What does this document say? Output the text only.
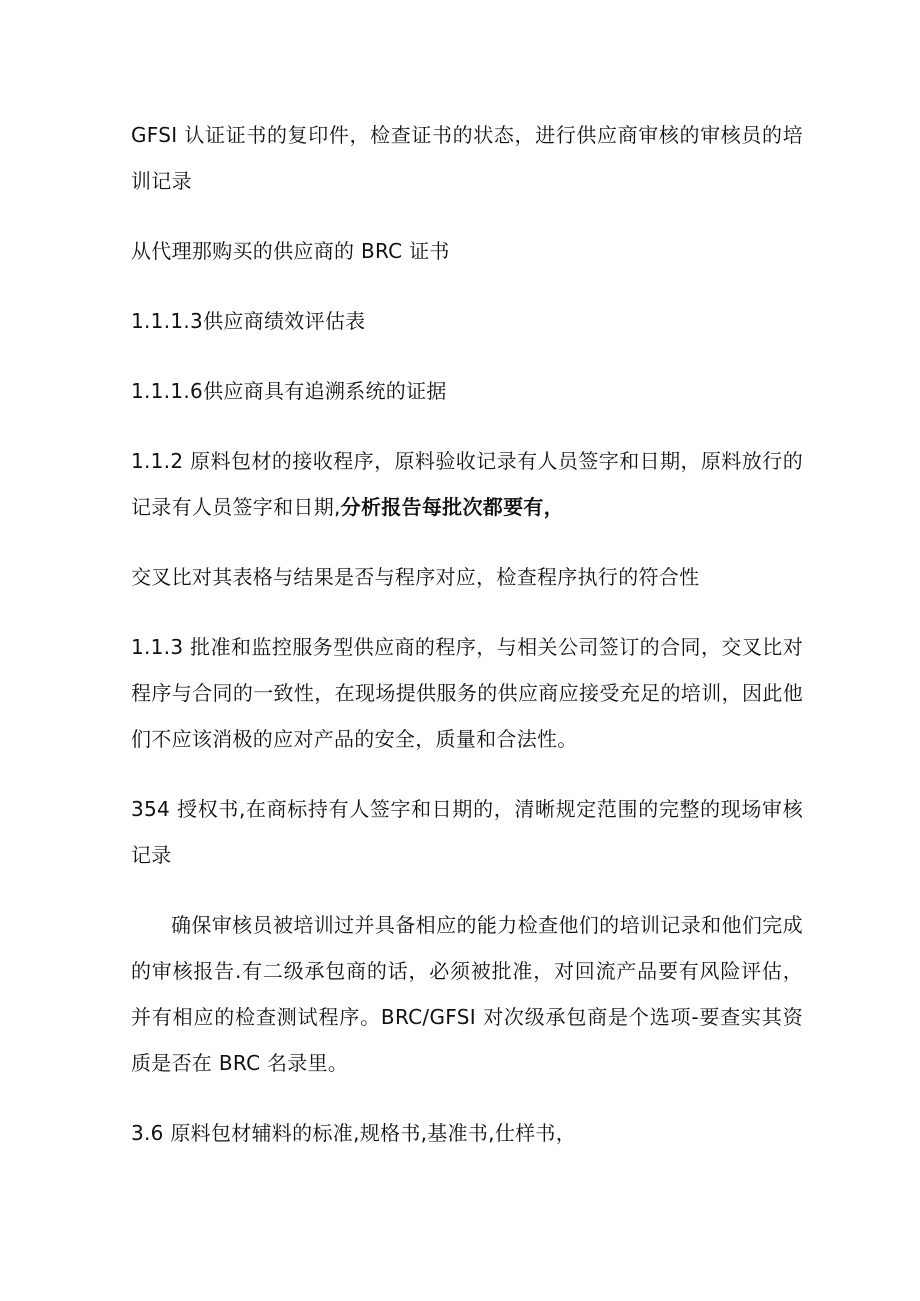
GFSI 认证证书的复印件，检查证书的状态，进行供应商审核的审核员的培训记录

从代理那购买的供应商的 BRC 证书

1.1.1.3供应商绩效评估表

1.1.1.6供应商具有追溯系统的证据

1.1.2 原料包材的接收程序，原料验收记录有人员签字和日期，原料放行的记录有人员签字和日期,分析报告每批次都要有，

交叉比对其表格与结果是否与程序对应，检查程序执行的符合性

1.1.3 批准和监控服务型供应商的程序，与相关公司签订的合同，交叉比对程序与合同的一致性，在现场提供服务的供应商应接受充足的培训，因此他们不应该消极的应对产品的安全，质量和合法性。

354 授权书,在商标持有人签字和日期的，清晰规定范围的完整的现场审核记录

确保审核员被培训过并具备相应的能力检查他们的培训记录和他们完成的审核报告.有二级承包商的话，必须被批准，对回流产品要有风险评估，并有相应的检查测试程序。BRC/GFSI 对次级承包商是个选项-要查实其资质是否在 BRC 名录里。

3.6 原料包材辅料的标准,规格书,基准书,仕样书，
